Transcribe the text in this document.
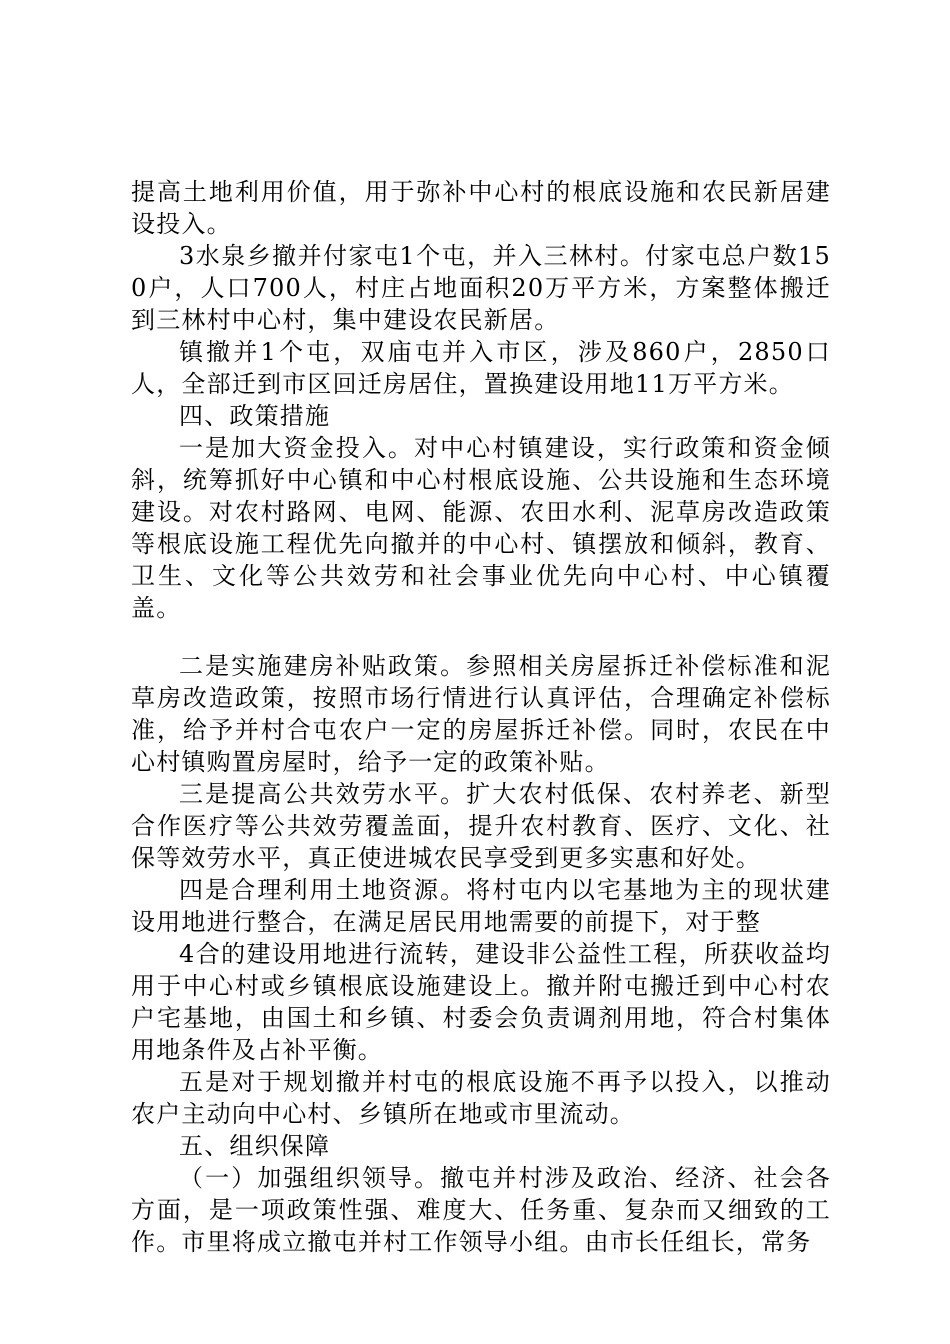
提高土地利用价值，用于弥补中心村的根底设施和农民新居建设投入。

3水泉乡撤并付家屯1个屯，并入三林村。付家屯总户数150户，人口700人，村庄占地面积20万平方米，方案整体搬迁到三林村中心村，集中建设农民新居。

镇撤并1个屯，双庙屯并入市区，涉及860户，2850口人，全部迁到市区回迁房居住，置换建设用地11万平方米。

四、政策措施

一是加大资金投入。对中心村镇建设，实行政策和资金倾斜，统筹抓好中心镇和中心村根底设施、公共设施和生态环境建设。对农村路网、电网、能源、农田水利、泥草房改造政策等根底设施工程优先向撤并的中心村、镇摆放和倾斜，教育、卫生、文化等公共效劳和社会事业优先向中心村、中心镇覆盖。

二是实施建房补贴政策。参照相关房屋拆迁补偿标准和泥草房改造政策，按照市场行情进行认真评估，合理确定补偿标准，给予并村合屯农户一定的房屋拆迁补偿。同时，农民在中心村镇购置房屋时，给予一定的政策补贴。

三是提高公共效劳水平。扩大农村低保、农村养老、新型合作医疗等公共效劳覆盖面，提升农村教育、医疗、文化、社保等效劳水平，真正使进城农民享受到更多实惠和好处。

四是合理利用土地资源。将村屯内以宅基地为主的现状建设用地进行整合，在满足居民用地需要的前提下，对于整

4合的建设用地进行流转，建设非公益性工程，所获收益均用于中心村或乡镇根底设施建设上。撤并附屯搬迁到中心村农户宅基地，由国土和乡镇、村委会负责调剂用地，符合村集体用地条件及占补平衡。

五是对于规划撤并村屯的根底设施不再予以投入，以推动农户主动向中心村、乡镇所在地或市里流动。

五、组织保障

（一）加强组织领导。撤屯并村涉及政治、经济、社会各方面，是一项政策性强、难度大、任务重、复杂而又细致的工作。市里将成立撤屯并村工作领导小组。由市长任组长，常务
